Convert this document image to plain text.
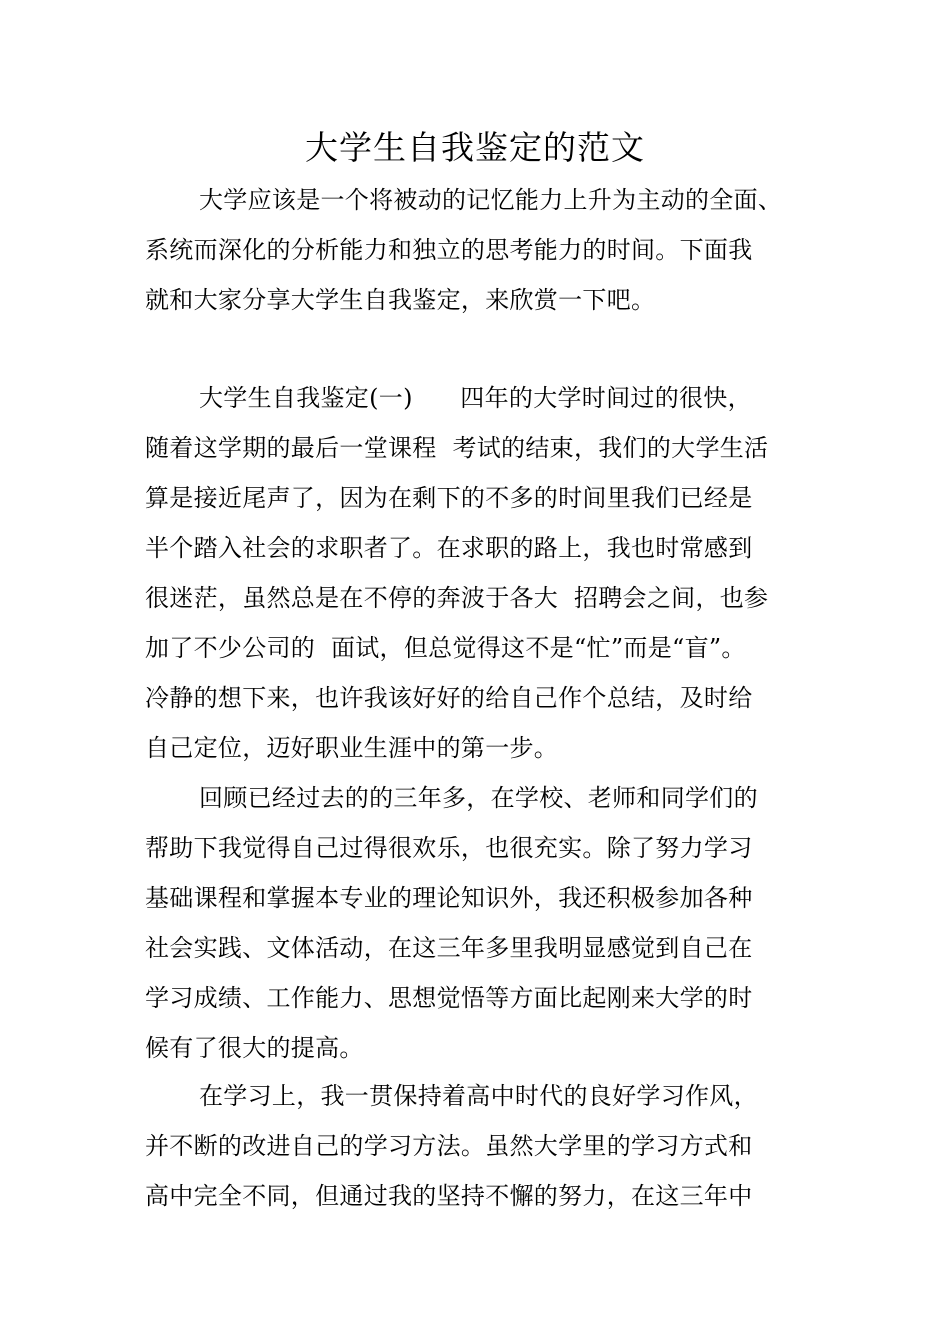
大学生自我鉴定的范文
大学应该是一个将被动的记忆能力上升为主动的全面、
系统而深化的分析能力和独立的思考能力的时间。下面我
就和大家分享大学生自我鉴定，来欣赏一下吧。
大学生自我鉴定(一)      四年的大学时间过的很快，
随着这学期的最后一堂课程  考试的结束，我们的大学生活
算是接近尾声了，因为在剩下的不多的时间里我们已经是
半个踏入社会的求职者了。在求职的路上，我也时常感到
很迷茫，虽然总是在不停的奔波于各大  招聘会之间，也参
加了不少公司的  面试，但总觉得这不是“忙”而是“盲”。
冷静的想下来，也许我该好好的给自己作个总结，及时给
自己定位，迈好职业生涯中的第一步。
回顾已经过去的的三年多，在学校、老师和同学们的
帮助下我觉得自己过得很欢乐，也很充实。除了努力学习
基础课程和掌握本专业的理论知识外，我还积极参加各种
社会实践、文体活动，在这三年多里我明显感觉到自己在
学习成绩、工作能力、思想觉悟等方面比起刚来大学的时
候有了很大的提高。
在学习上，我一贯保持着高中时代的良好学习作风，
并不断的改进自己的学习方法。虽然大学里的学习方式和
高中完全不同，但通过我的坚持不懈的努力，在这三年中
